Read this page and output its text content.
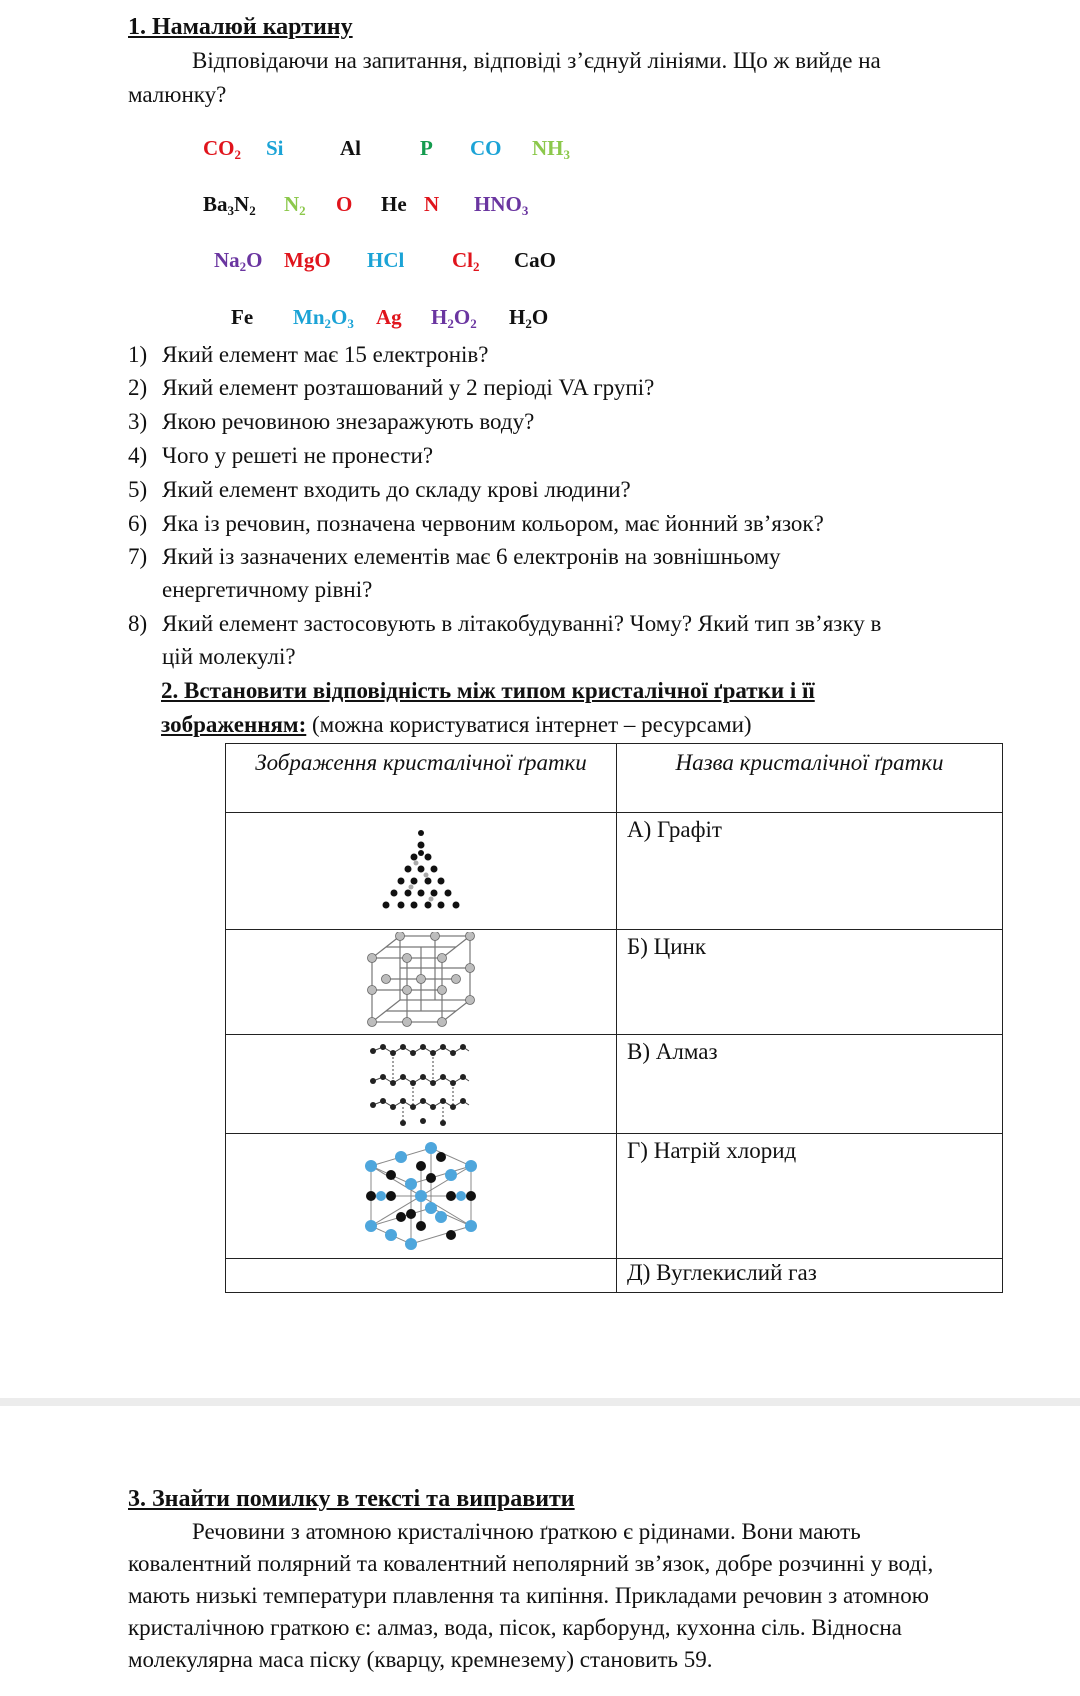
1. Намалюй картину
Відповідаючи на запитання, відповіді з’єднуй лініями. Що ж вийде на малюнку?
$CO_2$ Si	Al	P CO $NH_3$
$Ba_3N_2$ $N_2$ O He N $HNO_3$
$Na_2O$ MgO HCl $Cl_2$ CaO
Fe $Mn_2O_3$ Ag $H_2O_2$ $H_2O$
1) Який елемент має 15 електронів?
2) Який елемент розташований у 2 періоді VA групі?
3) Якою речовиною знезаражують воду?
4) Чого у решеті не пронести?
5) Який елемент входить до складу крові людини?
6) Яка із речовин, позначена червоним кольором, має йонний зв’язок?
7) Який із зазначених елементів має 6 електронів на зовнішньому
енергетичному рівні?
8) Який елемент застосовують в літакобудуванні? Чому? Який тип зв’язку в
цій молекулі?
2. Встановити відповідність між типом кристалічної ґратки і її
зображенням: (можна користуватися інтернет – ресурсами)
Зображення кристалічної ґратки	Назва кристалічної ґратки
	А) Графіт
	Б) Цинк
	В) Алмаз
	Г) Натрій хлорид
	Д) Вуглекислий газ
3. Знайти помилку в тексті та виправити
Речовини з атомною кристалічною ґраткою є рідинами. Вони мають ковалентний полярний та ковалентний неполярний зв’язок, добре розчинні у воді, мають низькі температури плавлення та кипіння. Прикладами речовин з атомною кристалічною граткою є: алмаз, вода, пісок, карборунд, кухонна сіль. Відносна молекулярна маса піску (кварцу, кремнезему) становить 59.
